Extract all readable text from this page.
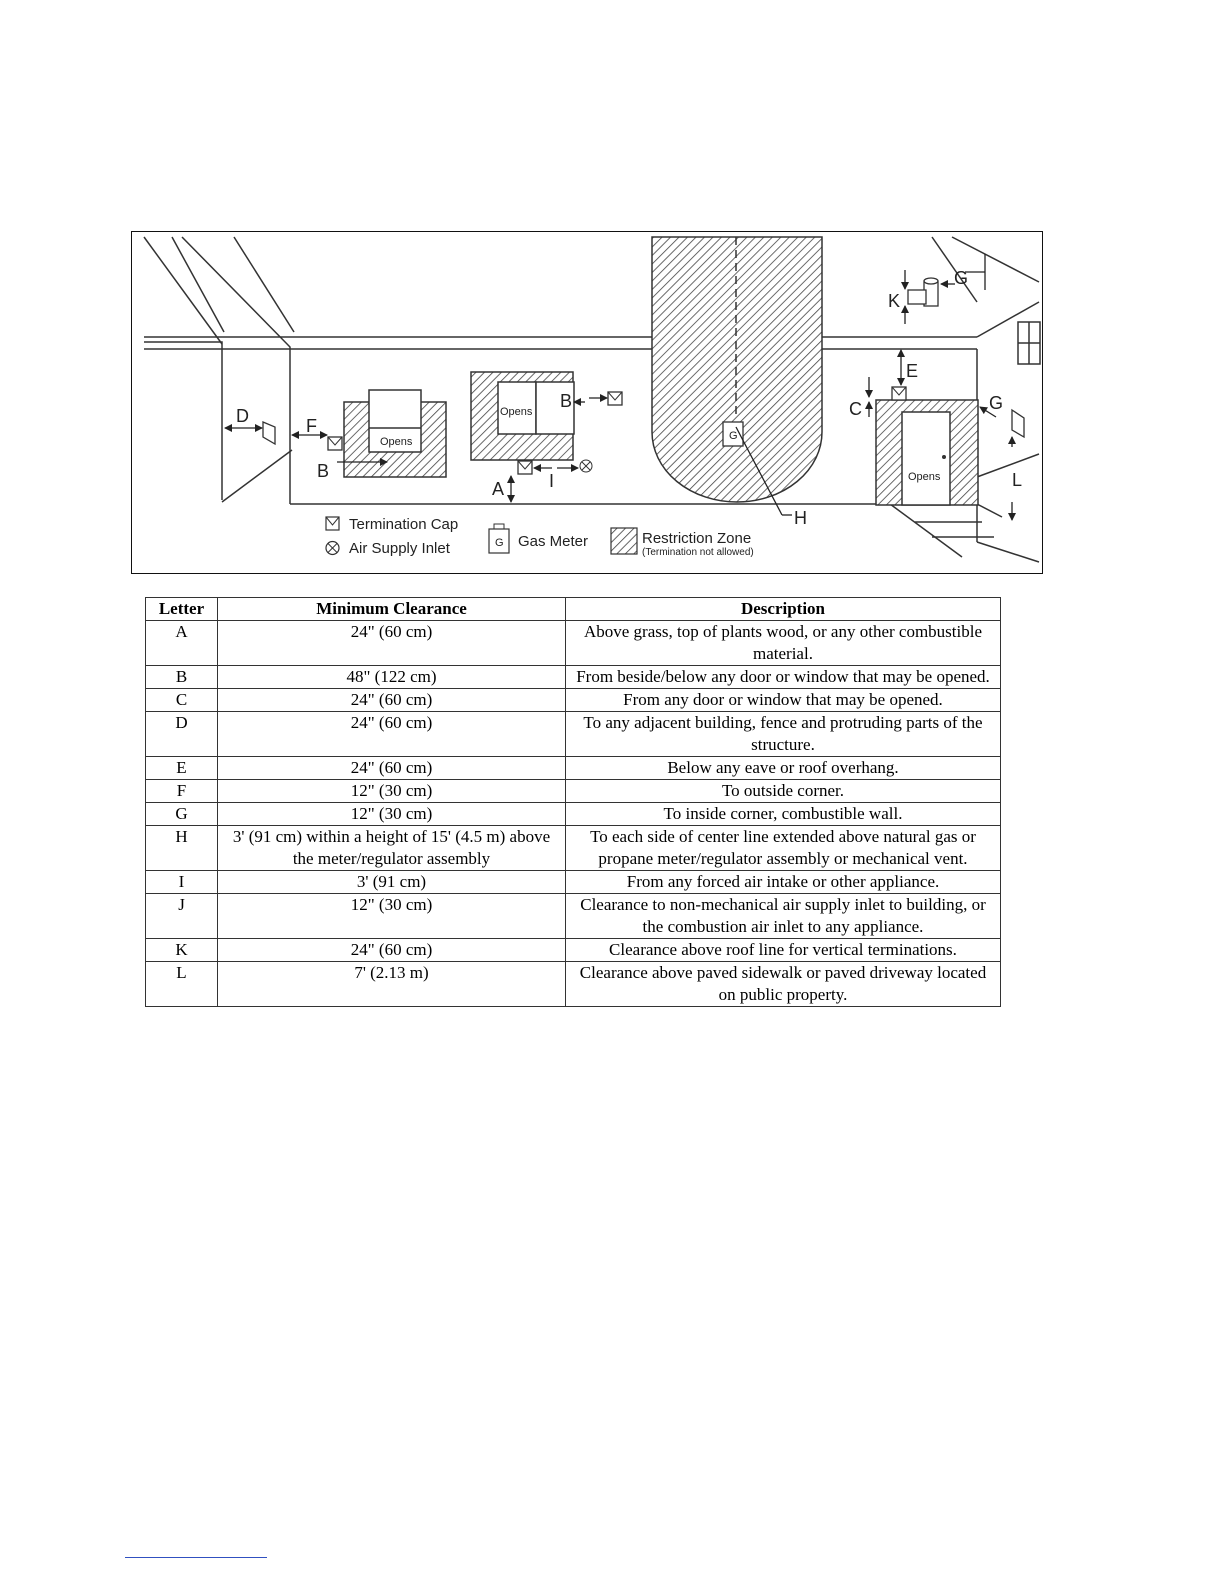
D	F
B
B
I
A
H
C
E
K
G
G
L
Opens
Opens
Opens
G
Termination Cap
Air Supply Inlet	G Gas Meter	Restriction Zone
(Termination not allowed)
Letter	Minimum Clearance	Description
A	24" (60 cm)	Above grass, top of plants wood, or any other combustible material.
B	48" (122 cm)	From beside/below any door or window that may be opened.
C	24" (60 cm)	From any door or window that may be opened.
D	24" (60 cm)	To any adjacent building, fence and protruding parts of the structure.
E	24" (60 cm)	Below any eave or roof overhang.
F	12" (30 cm)	To outside corner.
G	12" (30 cm)	To inside corner, combustible wall.
H	3' (91 cm) within a height of 15' (4.5 m) above the meter/regulator assembly	To each side of center line extended above natural gas or propane meter/regulator assembly or mechanical vent.
I	3' (91 cm)	From any forced air intake or other appliance.
J	12" (30 cm)	Clearance to non-mechanical air supply inlet to building, or the combustion air inlet to any appliance.
K	24" (60 cm)	Clearance above roof line for vertical terminations.
L	7' (2.13 m)	Clearance above paved sidewalk or paved driveway located on public property.
